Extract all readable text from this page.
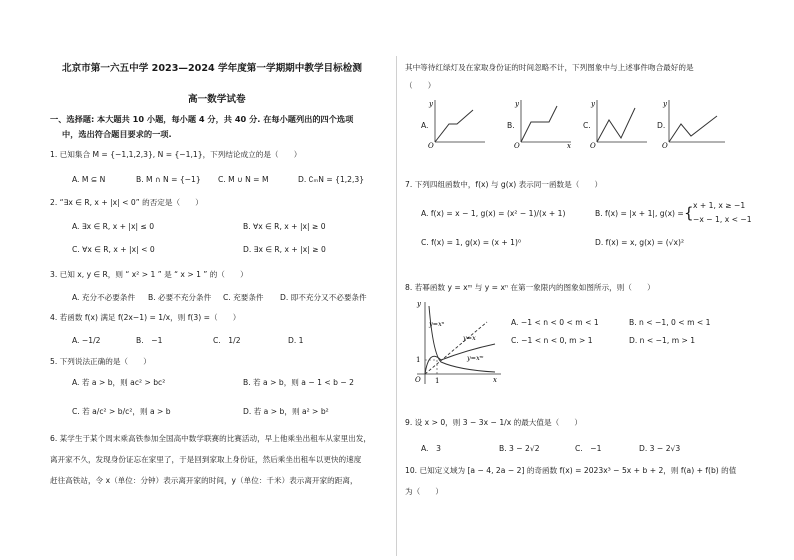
北京市第一六五中学 2023—2024 学年度第一学期期中教学目标检测
高一数学试卷
一、选择题: 本大题共 10 小题，每小题 4 分，共 40 分. 在每小题列出的四个选项
中，选出符合题目要求的一项.
1. 已知集合 M = {−1,1,2,3}, N = {−1,1}，下列结论成立的是（　　）
A. M ⊆ N	B. M ∩ N = {−1} C. M ∪ N = M	D. ∁ₘN = {1,2,3}
2. “∃x ∈ R, x + |x| < 0” 的否定是（　　）
A. ∃x ∈ R, x + |x| ≤ 0	B. ∀x ∈ R, x + |x| ≥ 0
C. ∀x ∈ R, x + |x| < 0	D. ∃x ∈ R, x + |x| ≥ 0
3. 已知 x, y ∈ R，则 “ x² > 1 ” 是 “ x > 1 ” 的（　　）
A. 充分不必要条件 B. 必要不充分条件 C. 充要条件 D. 即不充分又不必要条件
4. 若函数 f(x) 满足 f(2x−1) = 1/x，则 f(3) =（　　）
A. −1/2	B.　−1	C.　1/2	D. 1
5. 下列说法正确的是（　　）
A. 若 a > b，则 ac² > bc²	B. 若 a > b，则 a − 1 < b − 2
C. 若 a/c² > b/c²，则 a > b	D. 若 a > b，则 a² > b²
6. 某学生于某个周末乘高铁参加全国高中数学联赛的比赛活动，早上他乘坐出租车从家里出发，
离开家不久，发现身份证忘在家里了，于是回到家取上身份证，然后乘坐出租车以更快的速度
赶往高铁站，令 x（单位：分钟）表示离开家的时间，y（单位：千米）表示离开家的距离，
其中等待红绿灯及在家取身份证的时间忽略不计，下列图象中与上述事件吻合最好的是
（　　）
A.
y
O
B.
y
O	x
C.
y
O
D.
y
O
7. 下列四组函数中，f(x) 与 g(x) 表示同一函数是（　　）
A. f(x) = x − 1, g(x) = (x² − 1)/(x + 1)	B. f(x) = |x + 1|, g(x) = { x + 1, x ≥ −1
−x − 1, x < −1
C. f(x) = 1, g(x) = (x + 1)⁰	D. f(x) = x, g(x) = (√x)²
8. 若幂函数 y = xᵐ 与 y = xⁿ 在第一象限内的图象如图所示，则（　　）
y=xⁿ
y=x
y=xᵐ
y
x
O
1
1
A. −1 < n < 0 < m < 1	B. n < −1, 0 < m < 1
C. −1 < n < 0, m > 1	D. n < −1, m > 1
9. 设 x > 0，则 3 − 3x − 1/x 的最大值是（　　）
A.　3	B. 3 − 2√2	C.　−1	D. 3 − 2√3
10. 已知定义域为 [a − 4, 2a − 2] 的奇函数 f(x) = 2023x³ − 5x + b + 2，则 f(a) + f(b) 的值
为（　　）
